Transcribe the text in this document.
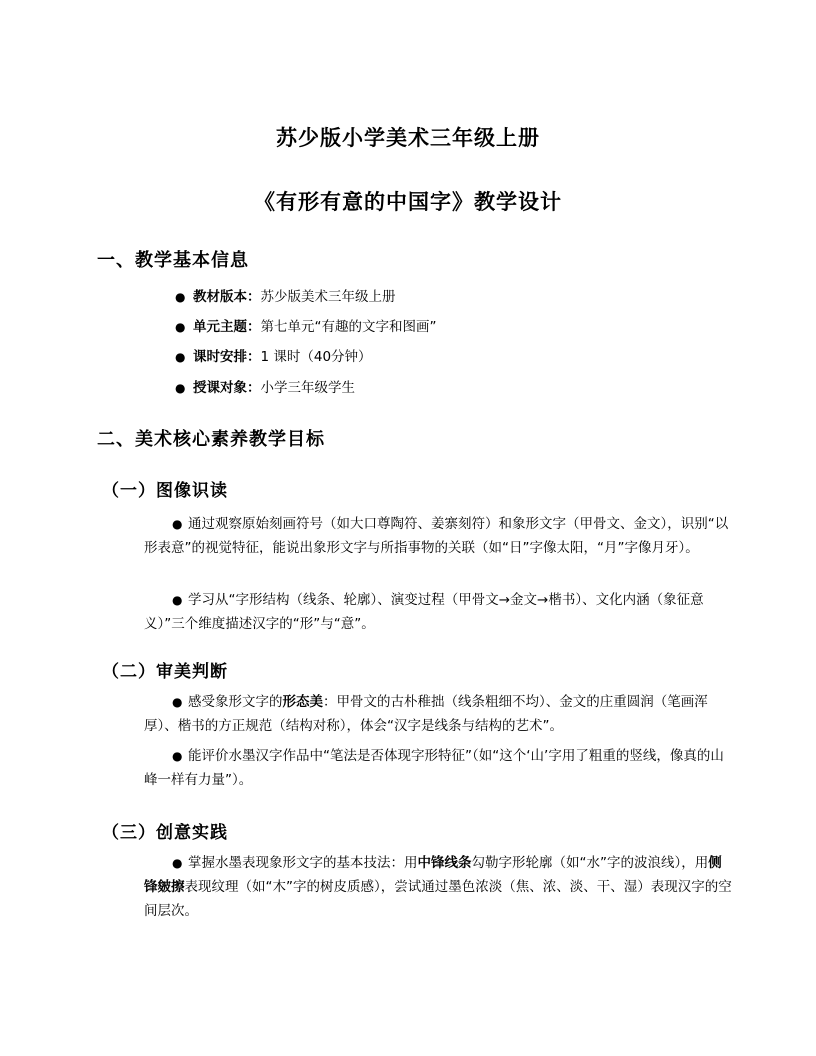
苏少版小学美术三年级上册
《有形有意的中国字》教学设计
一、教学基本信息
● 教材版本：苏少版美术三年级上册
● 单元主题：第七单元“有趣的文字和图画”
● 课时安排：1 课时（40分钟）
● 授课对象：小学三年级学生
二、美术核心素养教学目标
（一）图像识读
● 通过观察原始刻画符号（如大口尊陶符、姜寨刻符）和象形文字（甲骨文、金文），识别“以形表意”的视觉特征，能说出象形文字与所指事物的关联（如“日”字像太阳，“月”字像月牙）。
● 学习从“字形结构（线条、轮廓）、演变过程（甲骨文→金文→楷书）、文化内涵（象征意义）”三个维度描述汉字的“形”与“意”。
（二）审美判断
● 感受象形文字的形态美：甲骨文的古朴稚拙（线条粗细不均）、金文的庄重圆润（笔画浑厚）、楷书的方正规范（结构对称），体会“汉字是线条与结构的艺术”。
● 能评价水墨汉字作品中“笔法是否体现字形特征”（如“这个‘山’字用了粗重的竖线，像真的山峰一样有力量”）。
（三）创意实践
● 掌握水墨表现象形文字的基本技法：用中锋线条勾勒字形轮廓（如“水”字的波浪线），用侧锋皴擦表现纹理（如“木”字的树皮质感），尝试通过墨色浓淡（焦、浓、淡、干、湿）表现汉字的空间层次。
